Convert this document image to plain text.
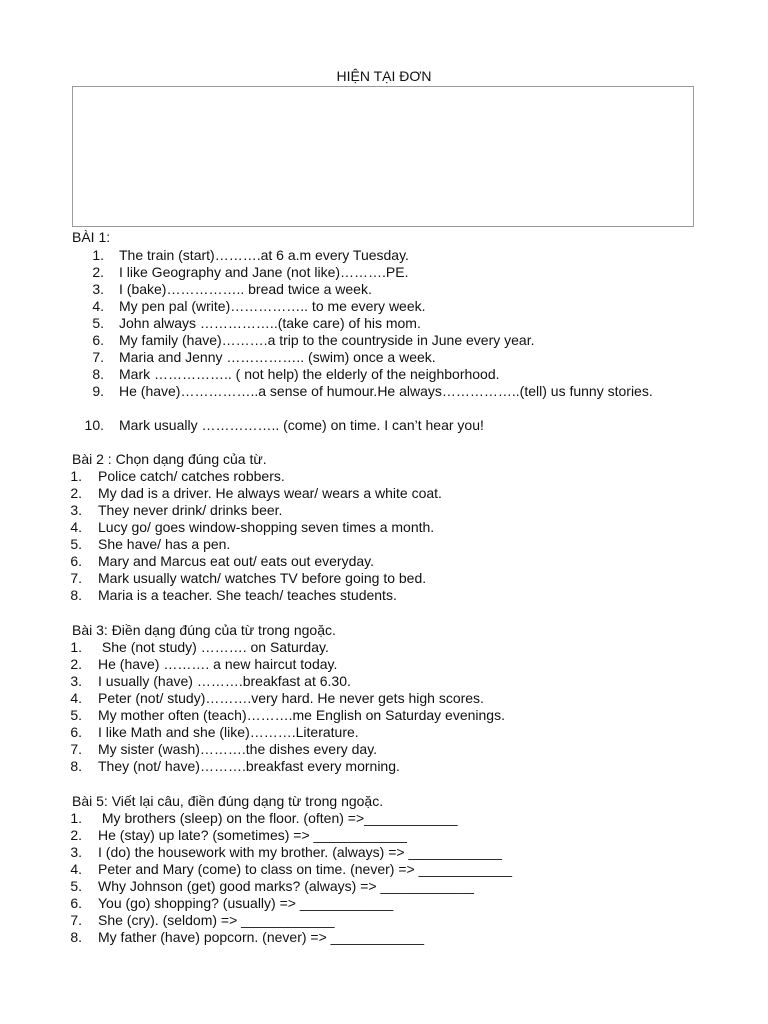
HIỆN TẠI ĐƠN
BÀI 1:
1. The train (start)……….at 6 a.m every Tuesday.
2. I like Geography and Jane (not like)……….PE.
3. I (bake)…………….. bread twice a week.
4. My pen pal (write)…………….. to me every week.
5. John always ……………..(take care) of his mom.
6. My family (have)……….a trip to the countryside in June every year.
7. Maria and Jenny …………….. (swim) once a week.
8. Mark …………….. ( not help) the elderly of the neighborhood.
9. He (have)……………..a sense of humour.He always……………..(tell) us funny stories.
10. Mark usually …………….. (come) on time. I can’t hear you!
Bài 2 : Chọn dạng đúng của từ.
1. Police catch/ catches robbers.
2. My dad is a driver. He always wear/ wears a white coat.
3. They never drink/ drinks beer.
4. Lucy go/ goes window-shopping seven times a month.
5. She have/ has a pen.
6. Mary and Marcus eat out/ eats out everyday.
7. Mark usually watch/ watches TV before going to bed.
8. Maria is a teacher. She teach/ teaches students.
Bài 3: Điền dạng đúng của từ trong ngoặc.
1. She (not study) ………. on Saturday.
2. He (have) ………. a new haircut today.
3. I usually (have) ……….breakfast at 6.30.
4. Peter (not/ study)……….very hard. He never gets high scores.
5. My mother often (teach)……….me English on Saturday evenings.
6. I like Math and she (like)……….Literature.
7. My sister (wash)……….the dishes every day.
8. They (not/ have)……….breakfast every morning.
Bài 5: Viết lại câu, điền đúng dạng từ trong ngoặc.
1. My brothers (sleep) on the floor. (often) =>____________
2. He (stay) up late? (sometimes) => ____________
3. I (do) the housework with my brother. (always) => ____________
4. Peter and Mary (come) to class on time. (never) => ____________
5. Why Johnson (get) good marks? (always) => ____________
6. You (go) shopping? (usually) => ____________
7. She (cry). (seldom) => ____________
8. My father (have) popcorn. (never) => ____________
